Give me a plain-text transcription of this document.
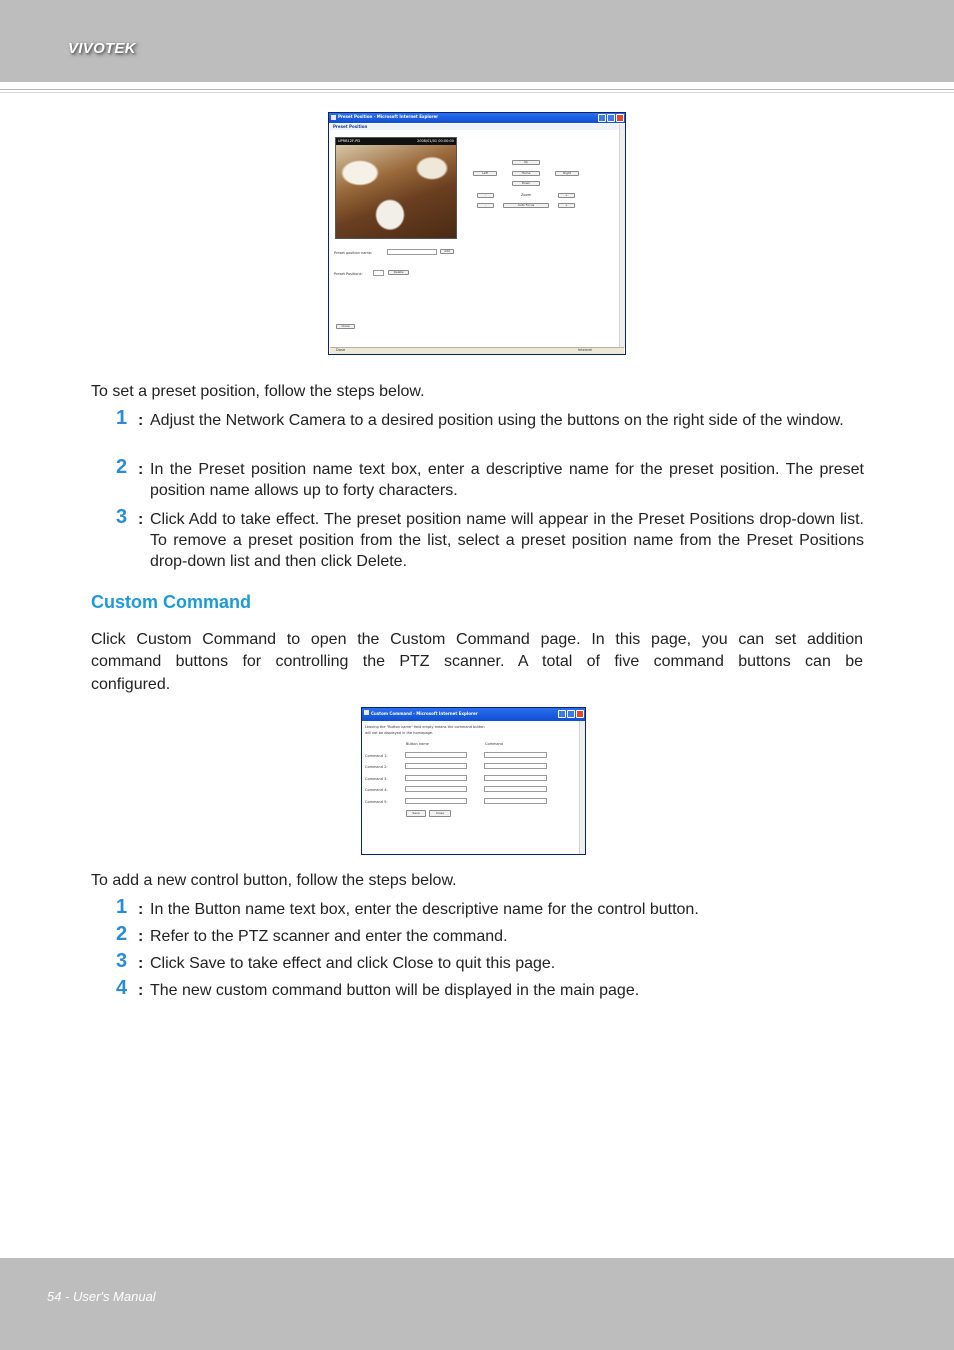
VIVOTEK
Preset Position - Microsoft Internet Explorer
Preset Position
UPRB12F-PD	2008/01/01 00:00:00
Up
Left	Home	Right
Down
-	Zoom	+
-	Auto Focus	+
Preset position name:	Add
Preset Positions:	Delete
Close
Done	Internet
To set a preset position, follow the steps below.
1 : Adjust the Network Camera to a desired position using the buttons on the right side of the window.
2 : In the Preset position name text box, enter a descriptive name for the preset position. The preset position name allows up to forty characters.
3 : Click Add to take effect. The preset position name will appear in the Preset Positions drop-down list. To remove a preset position from the list, select a preset position name from the Preset Positions drop-down list and then click Delete.
Custom Command
Click Custom Command to open the Custom Command page. In this page, you can set addition
command buttons for controlling the PTZ scanner. A total of five command buttons can be
configured.
Custom Command - Microsoft Internet Explorer
Leaving the "Button name" field empty means the command button
will not be displayed in the homepage.
Button name	Command
Command 1:
Command 2:
Command 3:
Command 4:
Command 5:
Save	Close
To add a new control button, follow the steps below.
1 : In the Button name text box, enter the descriptive name for the control button.
2 : Refer to the PTZ scanner and enter the command.
3 : Click Save to take effect and click Close to quit this page.
4 : The new custom command button will be displayed in the main page.
54 - User's Manual
